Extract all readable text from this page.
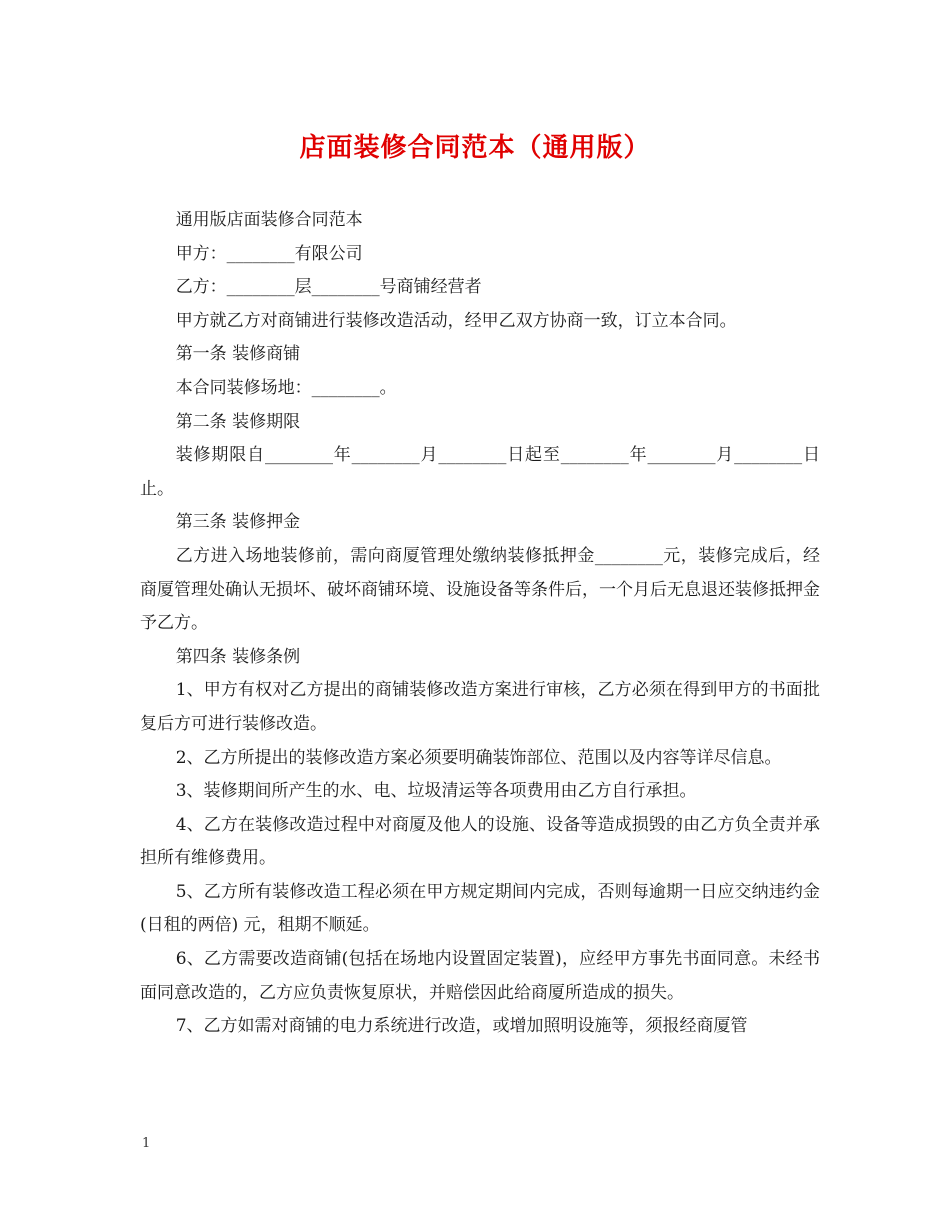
店面装修合同范本（通用版）

通用版店面装修合同范本

甲方：________有限公司

乙方：________层________号商铺经营者

甲方就乙方对商铺进行装修改造活动，经甲乙双方协商一致，订立本合同。

第一条 装修商铺

本合同装修场地：________。

第二条 装修期限

装修期限自________年________月________日起至________年________月________日止。

第三条 装修押金

乙方进入场地装修前，需向商厦管理处缴纳装修抵押金________元，装修完成后，经商厦管理处确认无损坏、破坏商铺环境、设施设备等条件后，一个月后无息退还装修抵押金予乙方。

第四条 装修条例

1、甲方有权对乙方提出的商铺装修改造方案进行审核，乙方必须在得到甲方的书面批复后方可进行装修改造。

2、乙方所提出的装修改造方案必须要明确装饰部位、范围以及内容等详尽信息。

3、装修期间所产生的水、电、垃圾清运等各项费用由乙方自行承担。

4、乙方在装修改造过程中对商厦及他人的设施、设备等造成损毁的由乙方负全责并承担所有维修费用。

5、乙方所有装修改造工程必须在甲方规定期间内完成，否则每逾期一日应交纳违约金(日租的两倍) 元，租期不顺延。

6、乙方需要改造商铺(包括在场地内设置固定装置)，应经甲方事先书面同意。未经书面同意改造的，乙方应负责恢复原状，并赔偿因此给商厦所造成的损失。

7、乙方如需对商铺的电力系统进行改造，或增加照明设施等，须报经商厦管

1
